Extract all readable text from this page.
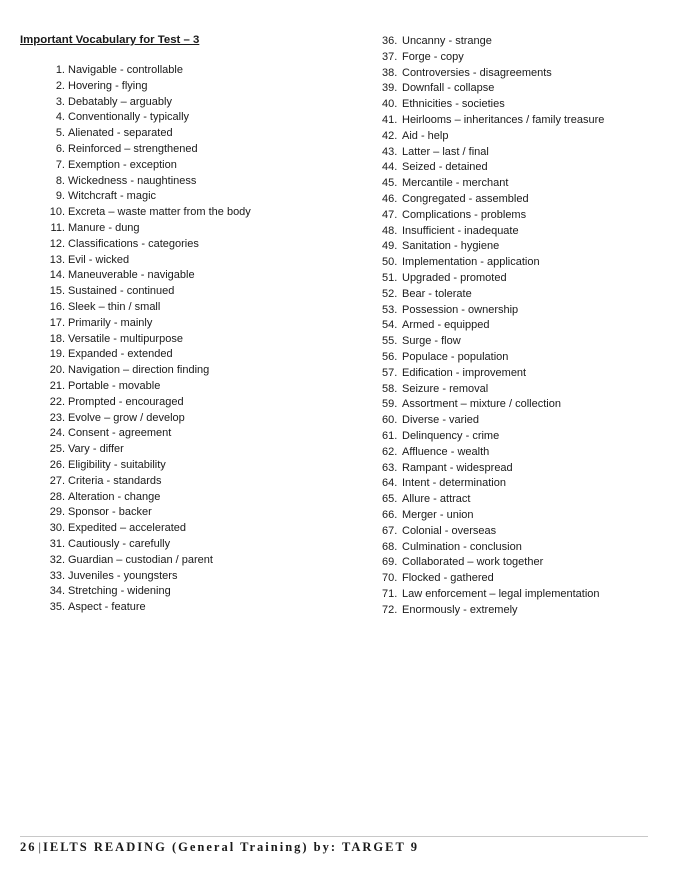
Important Vocabulary for Test – 3
1. Navigable - controllable
2. Hovering - flying
3. Debatably – arguably
4. Conventionally - typically
5. Alienated - separated
6. Reinforced – strengthened
7. Exemption - exception
8. Wickedness - naughtiness
9. Witchcraft - magic
10. Excreta – waste matter from the body
11. Manure - dung
12. Classifications - categories
13. Evil - wicked
14. Maneuverable - navigable
15. Sustained - continued
16. Sleek – thin / small
17. Primarily - mainly
18. Versatile - multipurpose
19. Expanded - extended
20. Navigation – direction finding
21. Portable - movable
22. Prompted - encouraged
23. Evolve – grow / develop
24. Consent - agreement
25. Vary - differ
26. Eligibility - suitability
27. Criteria - standards
28. Alteration - change
29. Sponsor - backer
30. Expedited – accelerated
31. Cautiously - carefully
32. Guardian – custodian / parent
33. Juveniles - youngsters
34. Stretching - widening
35. Aspect - feature
36. Uncanny - strange
37. Forge - copy
38. Controversies - disagreements
39. Downfall - collapse
40. Ethnicities - societies
41. Heirlooms – inheritances / family treasure
42. Aid - help
43. Latter – last / final
44. Seized - detained
45. Mercantile - merchant
46. Congregated - assembled
47. Complications - problems
48. Insufficient - inadequate
49. Sanitation - hygiene
50. Implementation - application
51. Upgraded - promoted
52. Bear - tolerate
53. Possession - ownership
54. Armed - equipped
55. Surge - flow
56. Populace - population
57. Edification - improvement
58. Seizure - removal
59. Assortment – mixture / collection
60. Diverse - varied
61. Delinquency - crime
62. Affluence - wealth
63. Rampant - widespread
64. Intent - determination
65. Allure - attract
66. Merger - union
67. Colonial - overseas
68. Culmination - conclusion
69. Collaborated – work together
70. Flocked - gathered
71. Law enforcement – legal implementation
72. Enormously - extremely
26 | IELTS READING (General Training) by: TARGET 9
